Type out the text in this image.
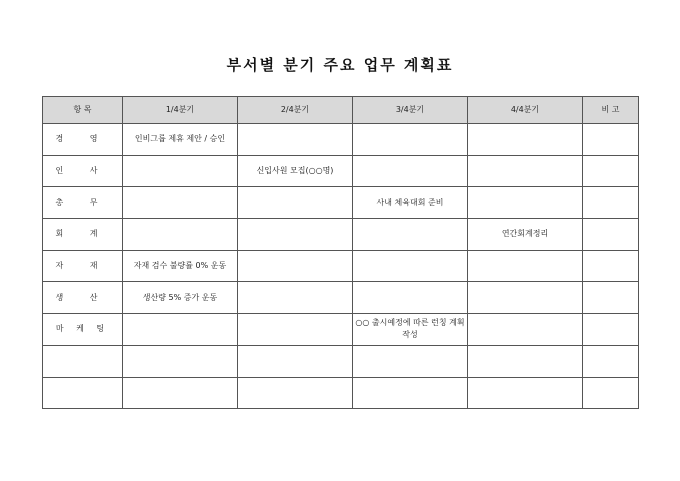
부서별 분기 주요 업무 계획표
항 목	1/4분기	2/4분기	3/4분기	4/4분기	비 고
경 영	인비그룹 제휴 제안 / 승인				
인 사		신입사원 모집(○○명)			
총 무			사내 체육대회 준비		
회 계				연간회계정리	
자 재	자재 검수 불량률 0% 운동				
생 산	생산량 5% 증가 운동				
마 케 팅			○○ 출시예정에 따른 런칭 계획 작성		
